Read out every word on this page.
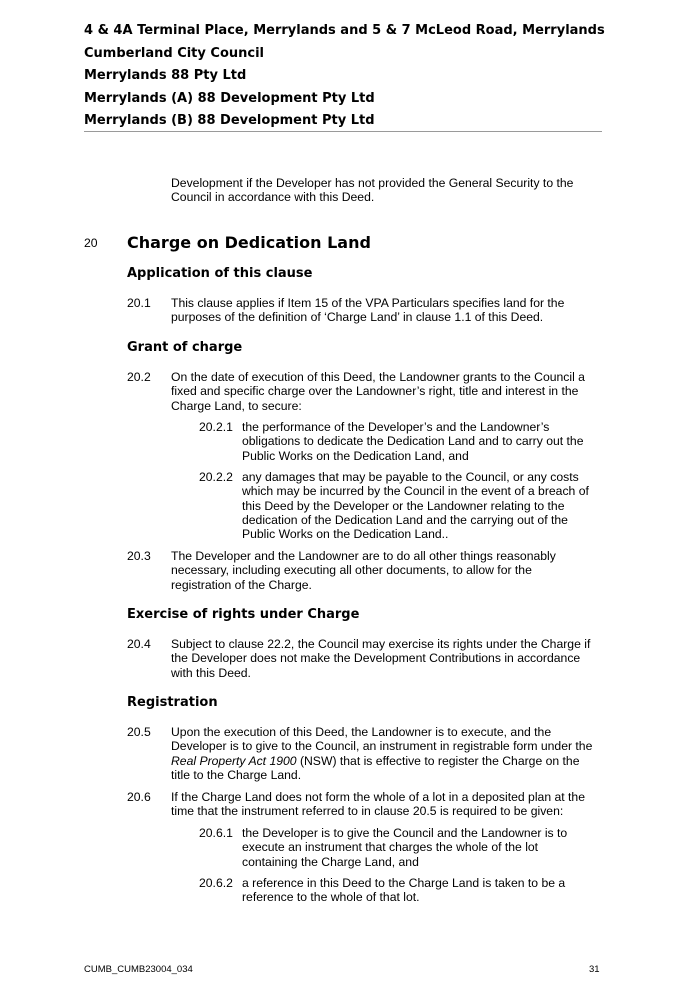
4 & 4A Terminal Place, Merrylands and 5 & 7 McLeod Road, Merrylands
Cumberland City Council
Merrylands 88 Pty Ltd
Merrylands (A) 88 Development Pty Ltd
Merrylands (B) 88 Development Pty Ltd
Development if the Developer has not provided the General Security to the Council in accordance with this Deed.
20 Charge on Dedication Land
Application of this clause
20.1 This clause applies if Item 15 of the VPA Particulars specifies land for the purposes of the definition of ‘Charge Land’ in clause 1.1 of this Deed.
Grant of charge
20.2 On the date of execution of this Deed, the Landowner grants to the Council a fixed and specific charge over the Landowner’s right, title and interest in the Charge Land, to secure:
20.2.1 the performance of the Developer’s and the Landowner’s obligations to dedicate the Dedication Land and to carry out the Public Works on the Dedication Land, and
20.2.2 any damages that may be payable to the Council, or any costs which may be incurred by the Council in the event of a breach of this Deed by the Developer or the Landowner relating to the dedication of the Dedication Land and the carrying out of the Public Works on the Dedication Land..
20.3 The Developer and the Landowner are to do all other things reasonably necessary, including executing all other documents, to allow for the registration of the Charge.
Exercise of rights under Charge
20.4 Subject to clause 22.2, the Council may exercise its rights under the Charge if the Developer does not make the Development Contributions in accordance with this Deed.
Registration
20.5 Upon the execution of this Deed, the Landowner is to execute, and the Developer is to give to the Council, an instrument in registrable form under the Real Property Act 1900 (NSW) that is effective to register the Charge on the title to the Charge Land.
20.6 If the Charge Land does not form the whole of a lot in a deposited plan at the time that the instrument referred to in clause 20.5 is required to be given:
20.6.1 the Developer is to give the Council and the Landowner is to execute an instrument that charges the whole of the lot containing the Charge Land, and
20.6.2 a reference in this Deed to the Charge Land is taken to be a reference to the whole of that lot.
CUMB_CUMB23004_034	31
